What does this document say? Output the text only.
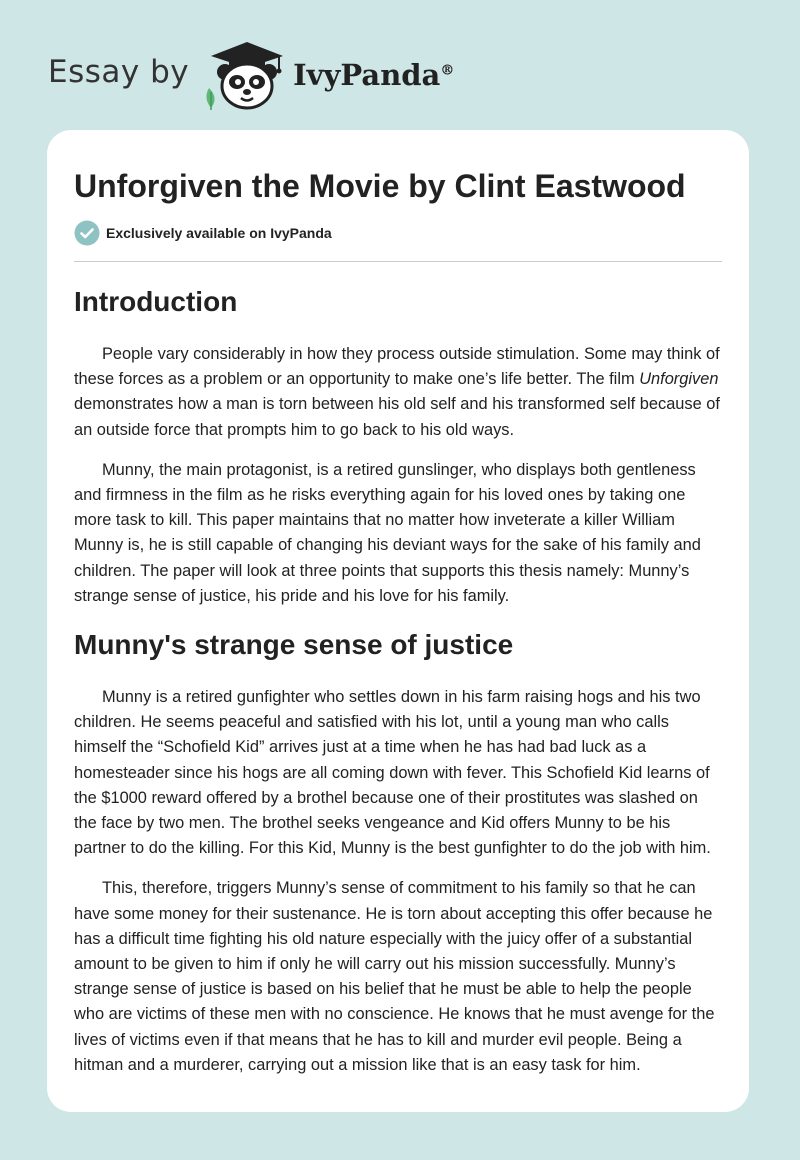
Essay by	IvyPanda®
Unforgiven the Movie by Clint Eastwood
Exclusively available on IvyPanda
Introduction

People vary considerably in how they process outside stimulation. Some may think of these forces as a problem or an opportunity to make one’s life better. The film Unforgiven demonstrates how a man is torn between his old self and his transformed self because of an outside force that prompts him to go back to his old ways.

Munny, the main protagonist, is a retired gunslinger, who displays both gentleness and firmness in the film as he risks everything again for his loved ones by taking one more task to kill. This paper maintains that no matter how inveterate a killer William Munny is, he is still capable of changing his deviant ways for the sake of his family and children. The paper will look at three points that supports this thesis namely: Munny’s strange sense of justice, his pride and his love for his family.

Munny's strange sense of justice

Munny is a retired gunfighter who settles down in his farm raising hogs and his two children. He seems peaceful and satisfied with his lot, until a young man who calls himself the “Schofield Kid” arrives just at a time when he has had bad luck as a homesteader since his hogs are all coming down with fever. This Schofield Kid learns of the $1000 reward offered by a brothel because one of their prostitutes was slashed on the face by two men. The brothel seeks vengeance and Kid offers Munny to be his partner to do the killing. For this Kid, Munny is the best gunfighter to do the job with him.

This, therefore, triggers Munny’s sense of commitment to his family so that he can have some money for their sustenance. He is torn about accepting this offer because he has a difficult time fighting his old nature especially with the juicy offer of a substantial amount to be given to him if only he will carry out his mission successfully. Munny’s strange sense of justice is based on his belief that he must be able to help the people who are victims of these men with no conscience. He knows that he must avenge for the lives of victims even if that means that he has to kill and murder evil people. Being a hitman and a murderer, carrying out a mission like that is an easy task for him.
